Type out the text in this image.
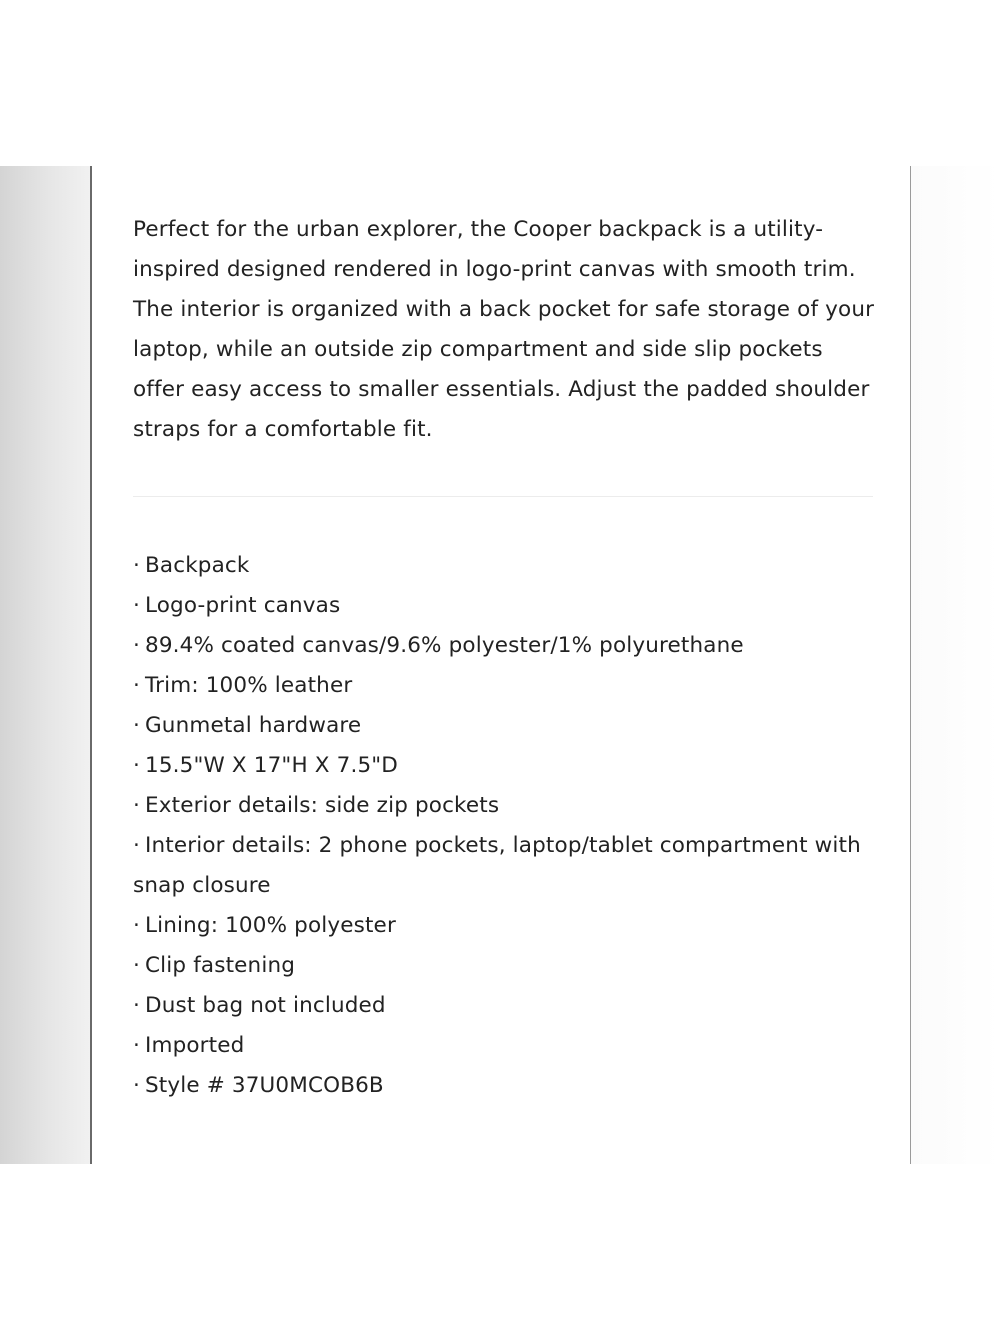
Perfect for the urban explorer, the Cooper backpack is a utility-inspired designed rendered in logo-print canvas with smooth trim. The interior is organized with a back pocket for safe storage of your laptop, while an outside zip compartment and side slip pockets offer easy access to smaller essentials. Adjust the padded shoulder straps for a comfortable fit.

· Backpack
· Logo-print canvas
· 89.4% coated canvas/9.6% polyester/1% polyurethane
· Trim: 100% leather
· Gunmetal hardware
· 15.5"W X 17"H X 7.5"D
· Exterior details: side zip pockets
· Interior details: 2 phone pockets, laptop/tablet compartment with snap closure
· Lining: 100% polyester
· Clip fastening
· Dust bag not included
· Imported
· Style # 37U0MCOB6B
